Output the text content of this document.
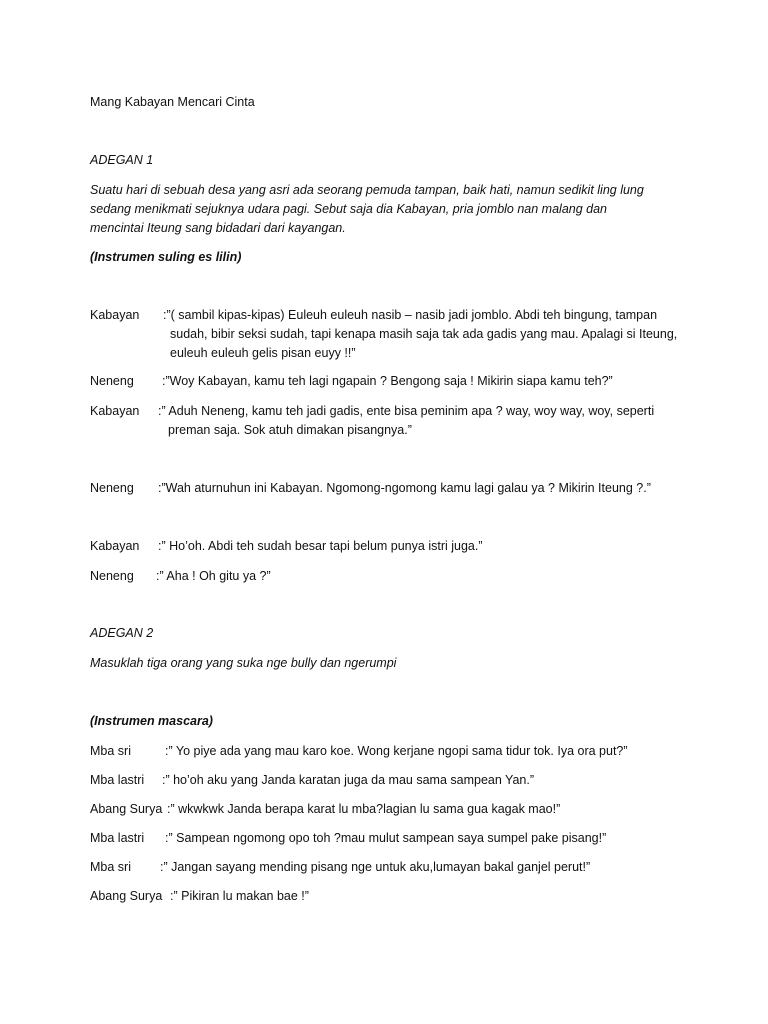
Mang Kabayan Mencari Cinta
ADEGAN 1
Suatu hari di sebuah desa yang asri ada seorang pemuda tampan, baik hati, namun sedikit ling lung
sedang menikmati sejuknya udara pagi. Sebut saja dia Kabayan, pria jomblo nan malang dan
mencintai Iteung sang bidadari dari kayangan.
(Instrumen suling es lilin)
Kabayan :”( sambil kipas-kipas) Euleuh euleuh nasib – nasib jadi jomblo. Abdi teh bingung, tampan
sudah, bibir seksi sudah, tapi kenapa masih saja tak ada gadis yang mau. Apalagi si Iteung,
euleuh euleuh gelis pisan euyy !!”
Neneng :”Woy Kabayan, kamu teh lagi ngapain ? Bengong saja ! Mikirin siapa kamu teh?”
Kabayan :” Aduh Neneng, kamu teh jadi gadis, ente bisa peminim apa ? way, woy way, woy, seperti
preman saja. Sok atuh dimakan pisangnya.”
Neneng :”Wah aturnuhun ini Kabayan. Ngomong-ngomong kamu lagi galau ya ? Mikirin Iteung ?.”
Kabayan :” Ho’oh. Abdi teh sudah besar tapi belum punya istri juga.”
Neneng :” Aha ! Oh gitu ya ?”
ADEGAN 2
Masuklah tiga orang yang suka nge bully dan ngerumpi
(Instrumen mascara)
Mba sri	:” Yo piye ada yang mau karo koe. Wong kerjane ngopi sama tidur tok. Iya ora put?”
Mba lastri :” ho’oh aku yang Janda karatan juga da mau sama sampean Yan.”
Abang Surya :” wkwkwk Janda berapa karat lu mba?lagian lu sama gua kagak mao!”
Mba lastri :” Sampean ngomong opo toh ?mau mulut sampean saya sumpel pake pisang!”
Mba sri :” Jangan sayang mending pisang nge untuk aku,lumayan bakal ganjel perut!”
Abang Surya :” Pikiran lu makan bae !”
